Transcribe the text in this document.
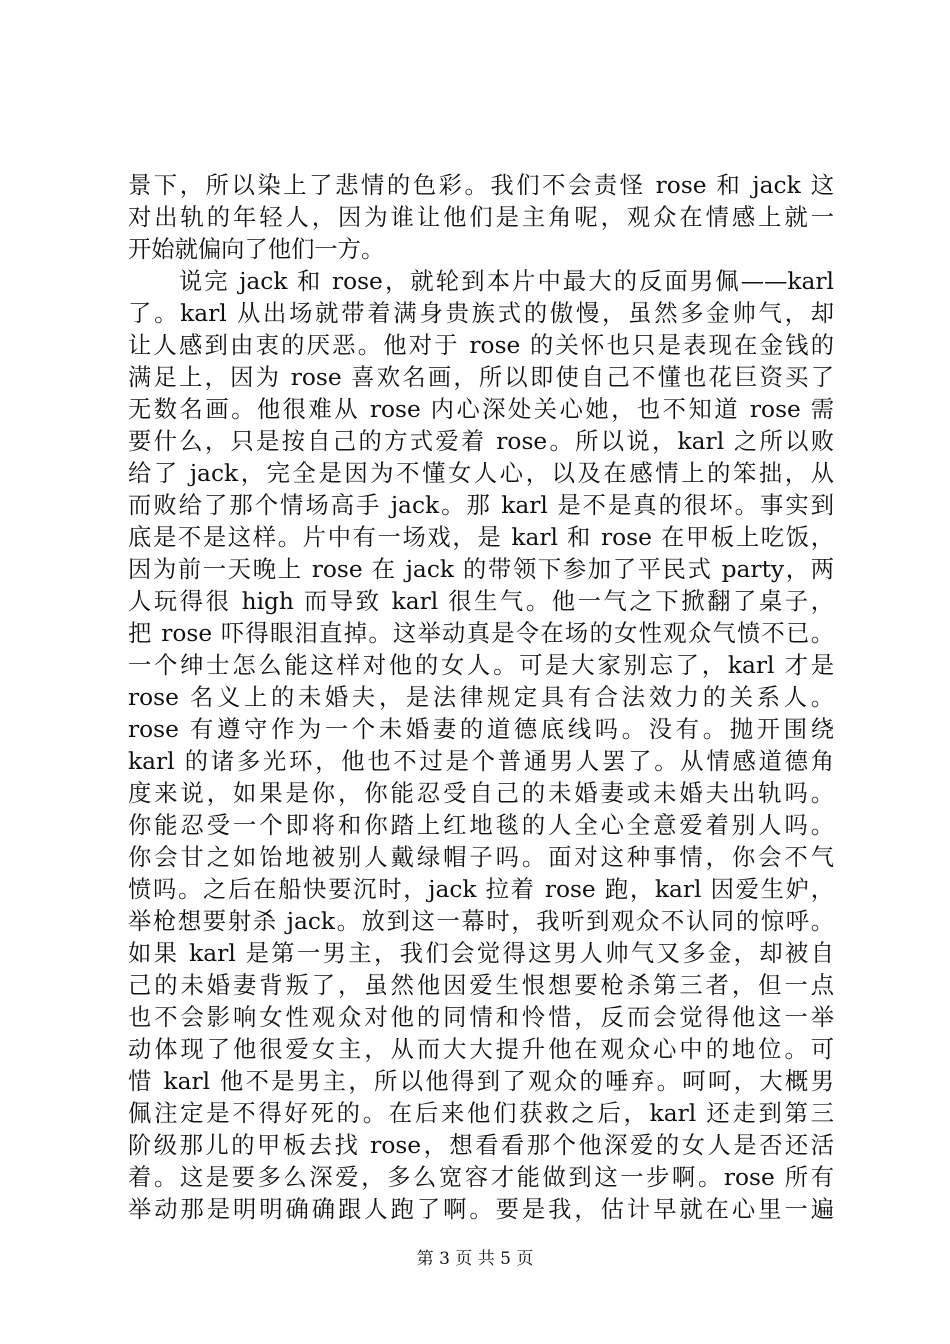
景下，所以染上了悲情的色彩。我们不会责怪 rose 和 jack 这
对出轨的年轻人，因为谁让他们是主角呢，观众在情感上就一
开始就偏向了他们一方。
　　说完 jack 和 rose，就轮到本片中最大的反面男佩——karl
了。karl 从出场就带着满身贵族式的傲慢，虽然多金帅气，却
让人感到由衷的厌恶。他对于 rose 的关怀也只是表现在金钱的
满足上，因为 rose 喜欢名画，所以即使自己不懂也花巨资买了
无数名画。他很难从 rose 内心深处关心她，也不知道 rose 需
要什么，只是按自己的方式爱着 rose。所以说，karl 之所以败
给了 jack，完全是因为不懂女人心，以及在感情上的笨拙，从
而败给了那个情场高手 jack。那 karl 是不是真的很坏。事实到
底是不是这样。片中有一场戏，是 karl 和 rose 在甲板上吃饭，
因为前一天晚上 rose 在 jack 的带领下参加了平民式 party，两
人玩得很 high 而导致 karl 很生气。他一气之下掀翻了桌子，
把 rose 吓得眼泪直掉。这举动真是令在场的女性观众气愤不已。
一个绅士怎么能这样对他的女人。可是大家别忘了，karl 才是
rose 名义上的未婚夫，是法律规定具有合法效力的关系人。
rose 有遵守作为一个未婚妻的道德底线吗。没有。抛开围绕
karl 的诸多光环，他也不过是个普通男人罢了。从情感道德角
度来说，如果是你，你能忍受自己的未婚妻或未婚夫出轨吗。
你能忍受一个即将和你踏上红地毯的人全心全意爱着别人吗。
你会甘之如饴地被别人戴绿帽子吗。面对这种事情，你会不气
愤吗。之后在船快要沉时，jack 拉着 rose 跑，karl 因爱生妒，
举枪想要射杀 jack。放到这一幕时，我听到观众不认同的惊呼。
如果 karl 是第一男主，我们会觉得这男人帅气又多金，却被自
己的未婚妻背叛了，虽然他因爱生恨想要枪杀第三者，但一点
也不会影响女性观众对他的同情和怜惜，反而会觉得他这一举
动体现了他很爱女主，从而大大提升他在观众心中的地位。可
惜 karl 他不是男主，所以他得到了观众的唾弃。呵呵，大概男
佩注定是不得好死的。在后来他们获救之后，karl 还走到第三
阶级那儿的甲板去找 rose，想看看那个他深爱的女人是否还活
着。这是要多么深爱，多么宽容才能做到这一步啊。rose 所有
举动那是明明确确跟人跑了啊。要是我，估计早就在心里一遍
第 3 页 共 5 页
